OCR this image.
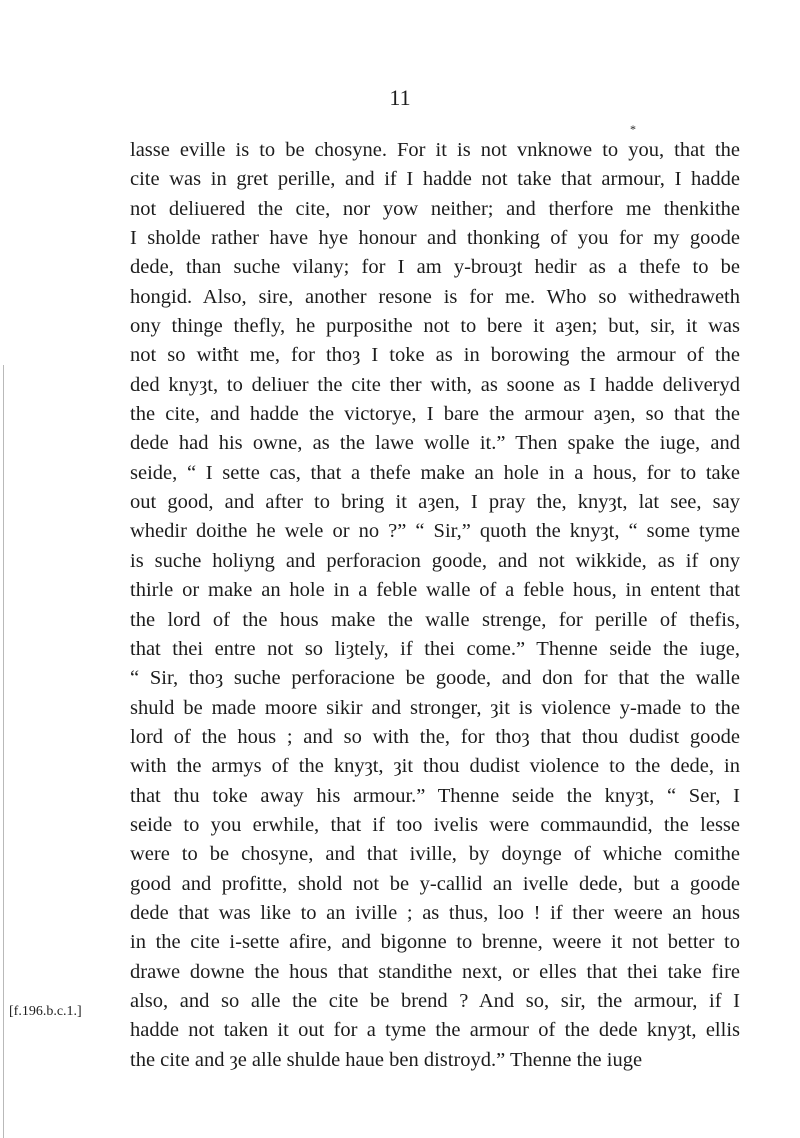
11
*
lasse eville is to be chosyne. For it is not vnknowe to you, that the
cite was in gret perille, and if I hadde not take that armour, I hadde
not deliuered the cite, nor yow neither; and therfore me thenkithe
I sholde rather have hye honour and thonking of you for my goode
dede, than suche vilany; for I am y-brouȝt hedir as a thefe to be
hongid. Also, sire, another resone is for me. Who so withedraweth
ony thinge thefly, he purposithe not to bere it aȝen; but, sir, it was
not so witħt me, for thoȝ I toke as in borowing the armour of the
ded knyȝt, to deliuer the cite ther with, as soone as I hadde deliveryd
the cite, and hadde the victorye, I bare the armour aȝen, so that the
dede had his owne, as the lawe wolle it.” Then spake the iuge, and
seide, “ I sette cas, that a thefe make an hole in a hous, for to take
out good, and after to bring it aȝen, I pray the, knyȝt, lat see, say
whedir doithe he wele or no ?” “ Sir,” quoth the knyȝt, “ some tyme
is suche holiyng and perforacion goode, and not wikkide, as if ony
thirle or make an hole in a feble walle of a feble hous, in entent that
the lord of the hous make the walle strenge, for perille of thefis,
that thei entre not so liȝtely, if thei come.” Thenne seide the iuge,
“ Sir, thoȝ suche perforacione be goode, and don for that the walle
shuld be made moore sikir and stronger, ȝit is violence y-made to the
lord of the hous ; and so with the, for thoȝ that thou dudist goode
with the armys of the knyȝt, ȝit thou dudist violence to the dede, in
that thu toke away his armour.” Thenne seide the knyȝt, “ Ser, I
seide to you erwhile, that if too ivelis were commaundid, the lesse
were to be chosyne, and that iville, by doynge of whiche comithe
good and profitte, shold not be y-callid an ivelle dede, but a goode
dede that was like to an iville ; as thus, loo ! if ther weere an hous
in the cite i-sette afire, and bigonne to brenne, weere it not better to
drawe downe the hous that standithe next, or elles that thei take fire
also, and so alle the cite be brend ? And so, sir, the armour, if I
hadde not taken it out for a tyme the armour of the dede knyȝt, ellis
the cite and ȝe alle shulde haue ben distroyd.” Thenne the iuge
[f.196.b.c.1.]
